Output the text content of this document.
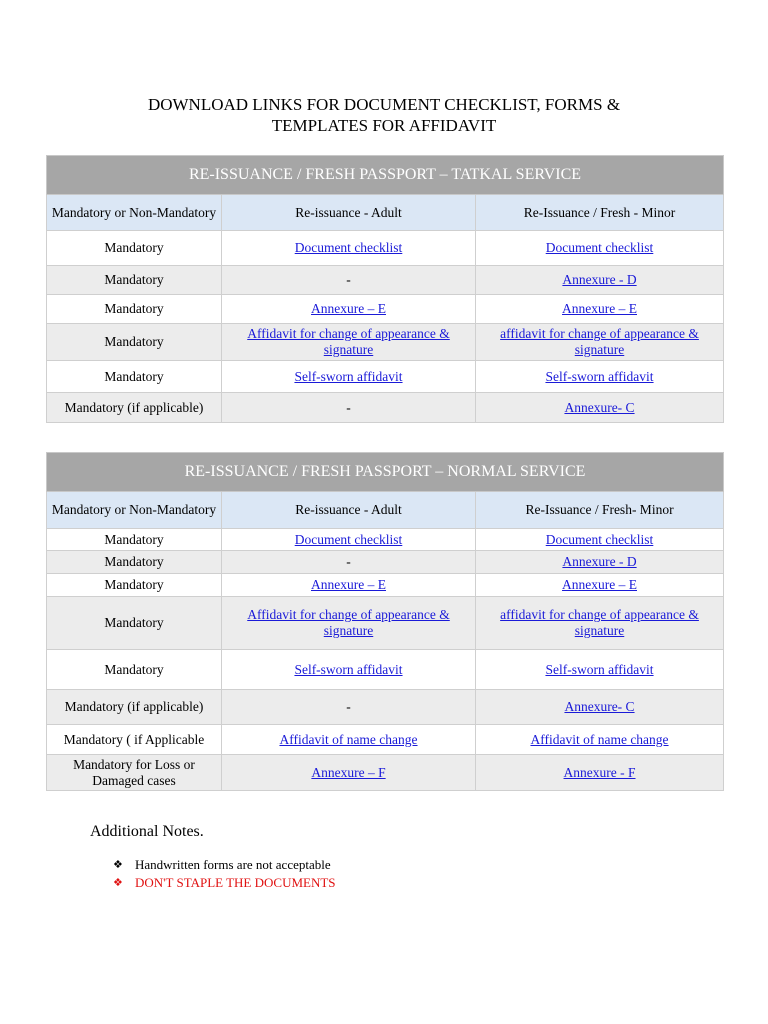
DOWNLOAD LINKS FOR DOCUMENT CHECKLIST, FORMS &
TEMPLATES FOR AFFIDAVIT
RE-ISSUANCE / FRESH PASSPORT – TATKAL SERVICE		
Mandatory or Non-Mandatory	Re-issuance - Adult	Re-Issuance / Fresh - Minor
Mandatory	Document checklist	Document checklist
Mandatory	-	Annexure - D
Mandatory	Annexure – E	Annexure – E
Mandatory	Affidavit for change of appearance & signature	affidavit for change of appearance & signature
Mandatory	Self-sworn affidavit	Self-sworn affidavit
Mandatory (if applicable)	-	Annexure- C
RE-ISSUANCE / FRESH PASSPORT – NORMAL SERVICE		
Mandatory or Non-Mandatory	Re-issuance - Adult	Re-Issuance / Fresh- Minor
Mandatory	Document checklist	Document checklist
Mandatory	-	Annexure - D
Mandatory	Annexure – E	Annexure – E
Mandatory	Affidavit for change of appearance & signature	affidavit for change of appearance & signature
Mandatory	Self-sworn affidavit	Self-sworn affidavit
Mandatory (if applicable)	-	Annexure- C
Mandatory ( if Applicable	Affidavit of name change	Affidavit of name change
Mandatory for Loss or Damaged cases	Annexure – F	Annexure - F
Additional Notes.
❖ Handwritten forms are not acceptable
❖ DON'T STAPLE THE DOCUMENTS
